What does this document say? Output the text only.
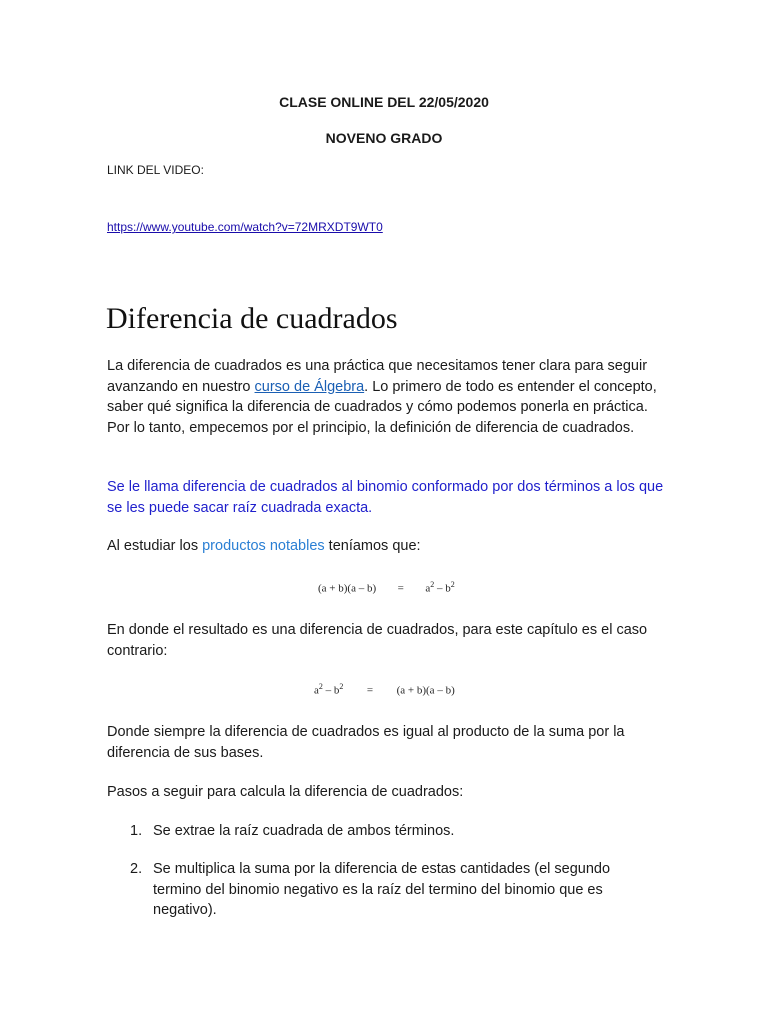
CLASE ONLINE DEL 22/05/2020
NOVENO GRADO
LINK DEL VIDEO:
https://www.youtube.com/watch?v=72MRXDT9WT0
Diferencia de cuadrados
La diferencia de cuadrados es una práctica que necesitamos tener clara para seguir avanzando en nuestro curso de Álgebra. Lo primero de todo es entender el concepto, saber qué significa la diferencia de cuadrados y cómo podemos ponerla en práctica. Por lo tanto, empecemos por el principio, la definición de diferencia de cuadrados.
Se le llama diferencia de cuadrados al binomio conformado por dos términos a los que se les puede sacar raíz cuadrada exacta.
Al estudiar los productos notables teníamos que:
$(a + b)(a - b) = a^2 - b^2$
En donde el resultado es una diferencia de cuadrados, para este capítulo es el caso contrario:
$a^2 - b^2 = (a + b)(a - b)$
Donde siempre la diferencia de cuadrados es igual al producto de la suma por la diferencia de sus bases.
Pasos a seguir para calcula la diferencia de cuadrados:
1. Se extrae la raíz cuadrada de ambos términos.
2. Se multiplica la suma por la diferencia de estas cantidades (el segundo termino del binomio negativo es la raíz del termino del binomio que es negativo).
